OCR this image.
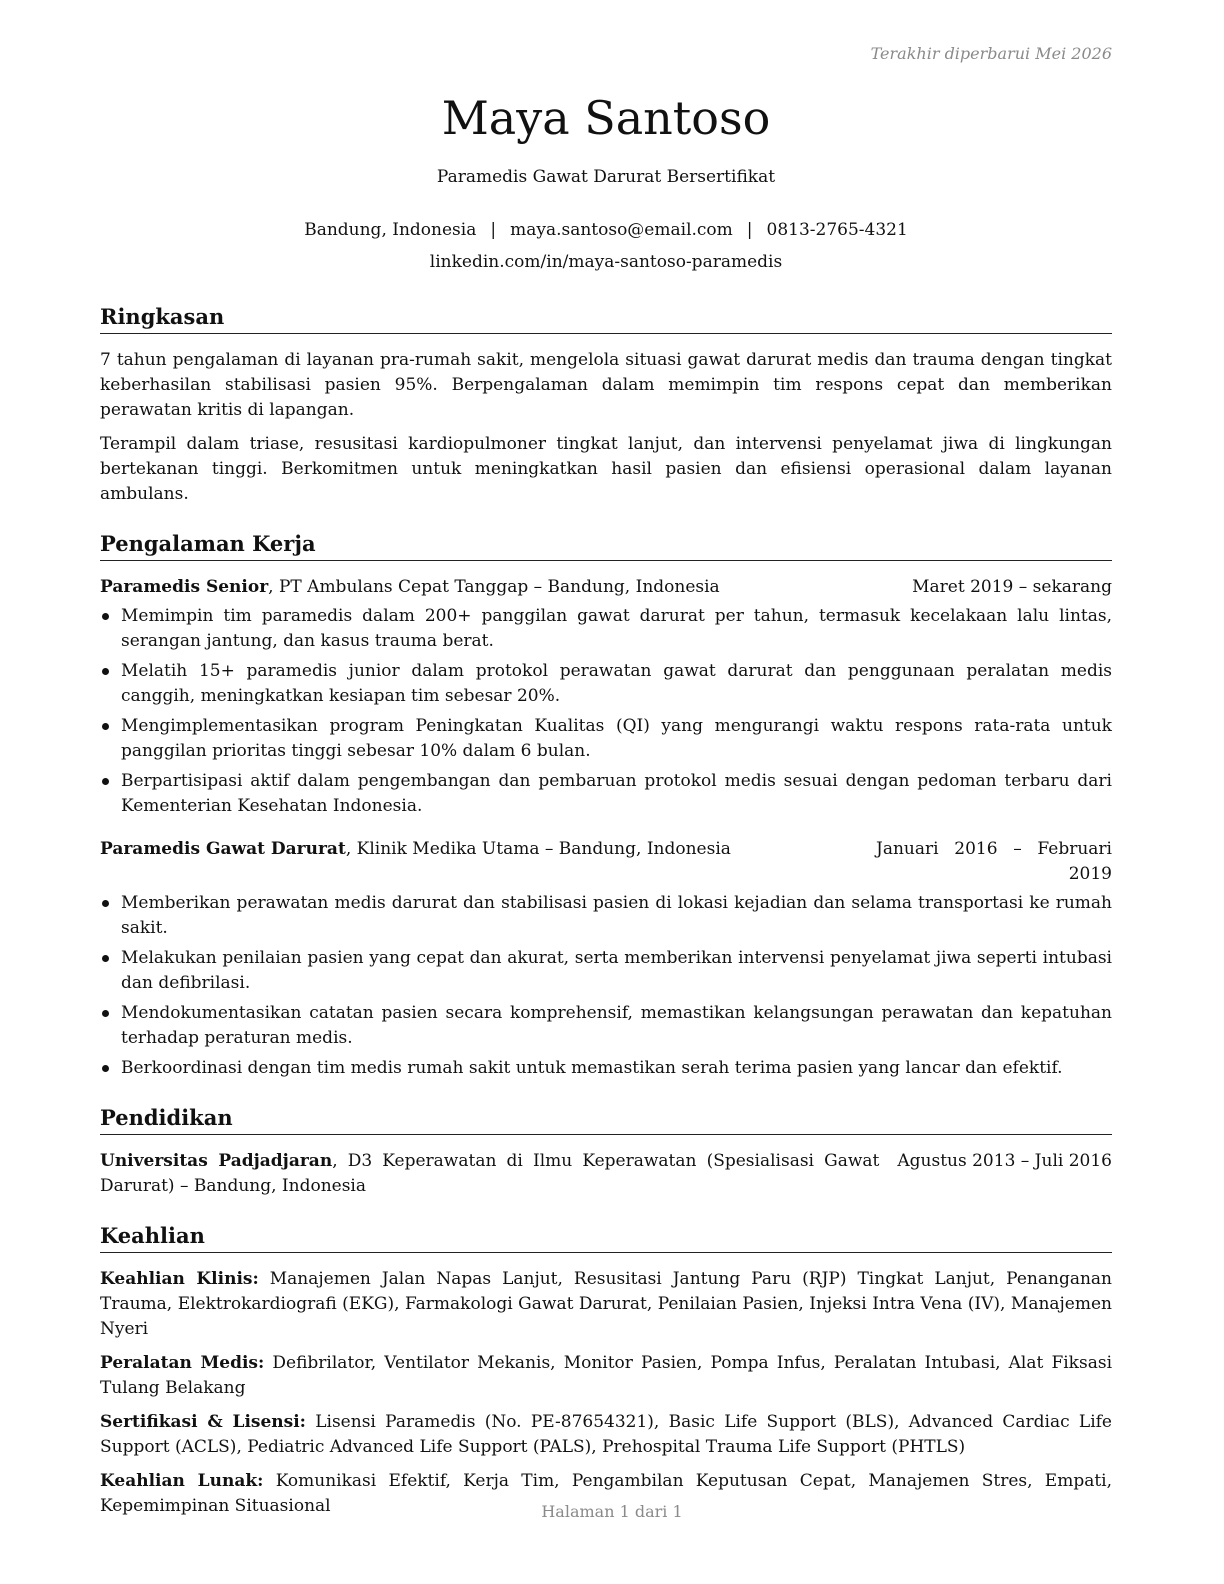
Terakhir diperbarui Mei 2026
Maya Santoso
Paramedis Gawat Darurat Bersertifikat
Bandung, Indonesia | maya.santoso@email.com | 0813-2765-4321
linkedin.com/in/maya-santoso-paramedis
Ringkasan

7 tahun pengalaman di layanan pra-rumah sakit, mengelola situasi gawat darurat medis dan trauma dengan tingkat keberhasilan stabilisasi pasien 95%. Berpengalaman dalam memimpin tim respons cepat dan memberikan perawatan kritis di lapangan.

Terampil dalam triase, resusitasi kardiopulmoner tingkat lanjut, dan intervensi penyelamat jiwa di lingkungan bertekanan tinggi. Berkomitmen untuk meningkatkan hasil pasien dan efisiensi operasional dalam layanan ambulans.

Pengalaman Kerja
Paramedis Senior, PT Ambulans Cepat Tanggap – Bandung, Indonesia	Maret 2019 – sekarang
Memimpin tim paramedis dalam 200+ panggilan gawat darurat per tahun, termasuk kecelakaan lalu lintas, serangan jantung, dan kasus trauma berat.
Melatih 15+ paramedis junior dalam protokol perawatan gawat darurat dan penggunaan peralatan medis canggih, meningkatkan kesiapan tim sebesar 20%.
Mengimplementasikan program Peningkatan Kualitas (QI) yang mengurangi waktu respons rata-rata untuk panggilan prioritas tinggi sebesar 10% dalam 6 bulan.
Berpartisipasi aktif dalam pengembangan dan pembaruan protokol medis sesuai dengan pedoman terbaru dari Kementerian Kesehatan Indonesia.
Paramedis Gawat Darurat, Klinik Medika Utama – Bandung, Indonesia	Januari 2016 – Februari 2019
Memberikan perawatan medis darurat dan stabilisasi pasien di lokasi kejadian dan selama transportasi ke rumah sakit.
Melakukan penilaian pasien yang cepat dan akurat, serta memberikan intervensi penyelamat jiwa seperti intubasi dan defibrilasi.
Mendokumentasikan catatan pasien secara komprehensif, memastikan kelangsungan perawatan dan kepatuhan terhadap peraturan medis.
Berkoordinasi dengan tim medis rumah sakit untuk memastikan serah terima pasien yang lancar dan efektif.
Pendidikan
Universitas Padjadjaran, D3 Keperawatan di Ilmu Keperawatan (Spesialisasi Gawat Darurat) – Bandung, Indonesia
Agustus 2013 – Juli 2016
Keahlian

Keahlian Klinis: Manajemen Jalan Napas Lanjut, Resusitasi Jantung Paru (RJP) Tingkat Lanjut, Penanganan Trauma, Elektrokardiografi (EKG), Farmakologi Gawat Darurat, Penilaian Pasien, Injeksi Intra Vena (IV), Manajemen Nyeri

Peralatan Medis: Defibrilator, Ventilator Mekanis, Monitor Pasien, Pompa Infus, Peralatan Intubasi, Alat Fiksasi Tulang Belakang

Sertifikasi & Lisensi: Lisensi Paramedis (No. PE-87654321), Basic Life Support (BLS), Advanced Cardiac Life Support (ACLS), Pediatric Advanced Life Support (PALS), Prehospital Trauma Life Support (PHTLS)

Keahlian Lunak: Komunikasi Efektif, Kerja Tim, Pengambilan Keputusan Cepat, Manajemen Stres, Empati, Kepemimpinan Situasional	Halaman 1 dari 1
